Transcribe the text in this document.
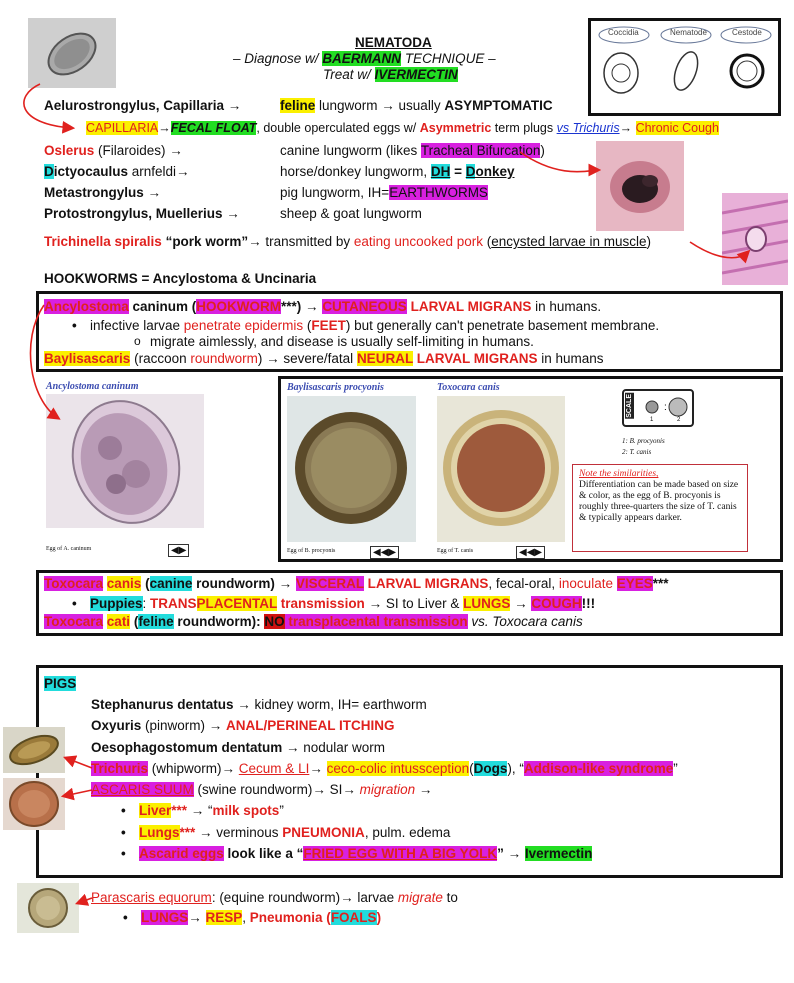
NEMATODA
– Diagnose w/ BAERMANN TECHNIQUE –
Treat w/ IVERMECTIN
Coccidia	Nematode	Cestode
Aelurostrongylus, Capillaria →	feline lungworm → usually ASYMPTOMATIC
• CAPILLARIA→FECAL FLOAT, double operculated eggs w/ Asymmetric term plugs vs Trichuris→ Chronic Cough
Oslerus (Filaroides) →	canine lungworm (likes Tracheal Bifurcation)
Dictyocaulus arnfeldi→	horse/donkey lungworm, DH = Donkey
Metastrongylus →	pig lungworm, IH=EARTHWORMS
Protostrongylus, Muellerius →	sheep & goat lungworm
Trichinella spiralis “pork worm”→ transmitted by eating uncooked pork (encysted larvae in muscle)
HOOKWORMS = Ancylostoma & Uncinaria
Ancylostoma caninum (HOOKWORM***) → CUTANEOUS LARVAL MIGRANS in humans.
• infective larvae penetrate epidermis (FEET) but generally can't penetrate basement membrane.
o migrate aimlessly, and disease is usually self-limiting in humans.
Baylisascaris (raccoon roundworm) → severe/fatal NEURAL LARVAL MIGRANS in humans
Ancylostoma caninum
Egg of A. caninum	◀▶
Baylisascaris procyonis
Egg of B. procyonis	◀◀▶
Toxocara canis
Egg of T. canis	◀◀▶
SCALE	:
1	2
1: B. procyonis
2: T. canis
Note the similarities,
Differentiation can be made based on size & color, as the egg of B. procyonis is roughly three-quarters the size of T. canis & typically appears darker.
Toxocara canis (canine roundworm) → VISCERAL LARVAL MIGRANS, fecal-oral, inoculate EYES***
• Puppies: TRANSPLACENTAL transmission → SI to Liver & LUNGS → COUGH!!!
Toxocara cati (feline roundworm): NO transplacental transmission vs. Toxocara canis
PIGS
Stephanurus dentatus → kidney worm, IH= earthworm
Oxyuris (pinworm) → ANAL/PERINEAL ITCHING
Oesophagostomum dentatum → nodular worm
Trichuris (whipworm)→ Cecum & LI→ ceco-colic intussception(Dogs), “Addison-like syndrome”
ASCARIS SUUM (swine roundworm)→ SI→ migration →
• Liver*** → “milk spots”
• Lungs*** → verminous PNEUMONIA, pulm. edema
• Ascarid eggs look like a “FRIED EGG WITH A BIG YOLK” → Ivermectin
Parascaris equorum: (equine roundworm)→ larvae migrate to
• LUNGS→ RESP, Pneumonia (FOALS)
